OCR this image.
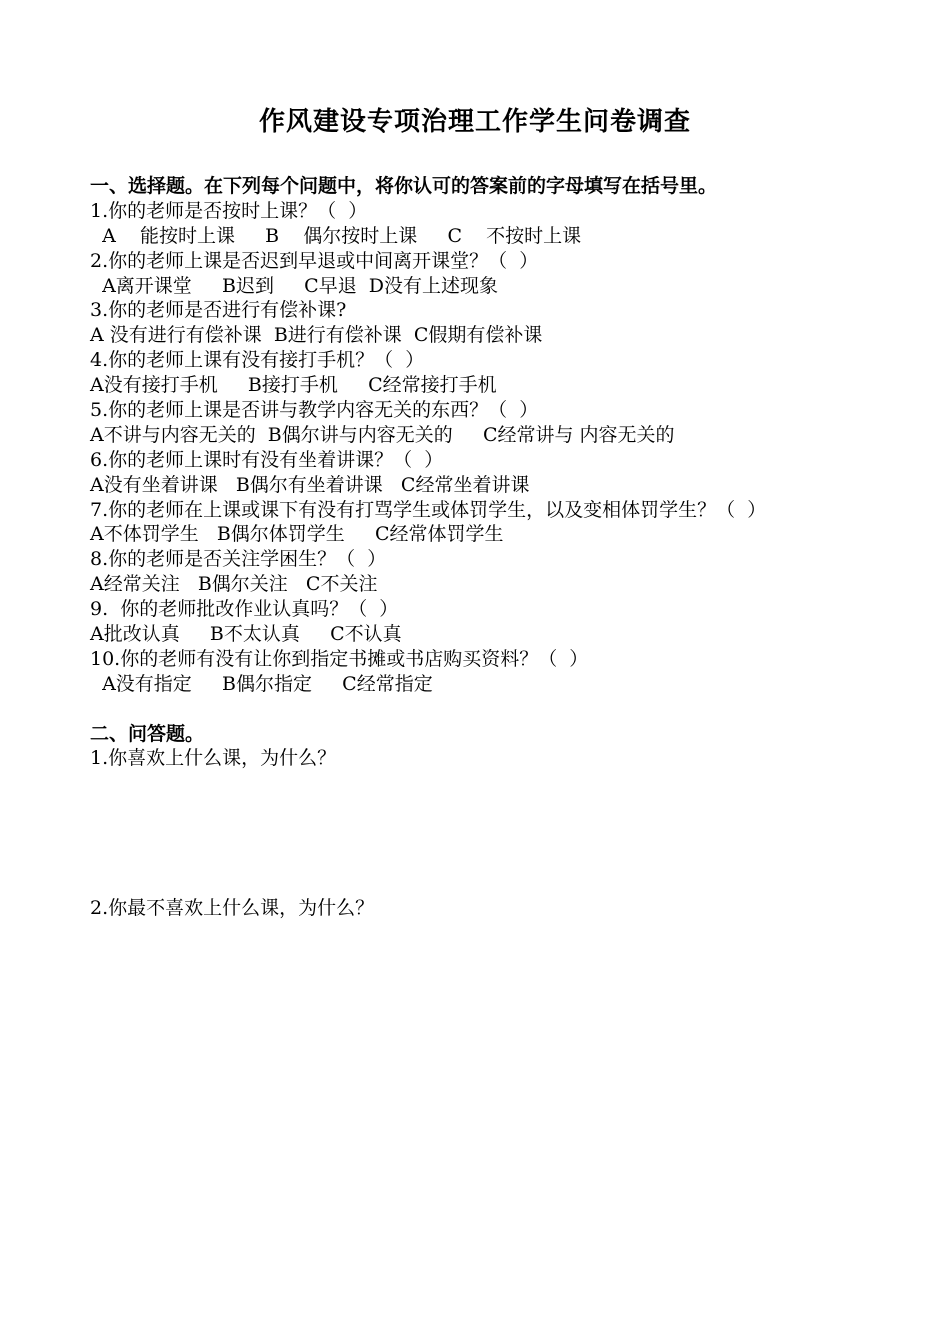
作风建设专项治理工作学生问卷调查
一、选择题。在下列每个问题中，将你认可的答案前的字母填写在括号里。
1.你的老师是否按时上课？（  ）
A    能按时上课     B    偶尔按时上课     C    不按时上课
2.你的老师上课是否迟到早退或中间离开课堂？（  ）
A离开课堂     B迟到     C早退  D没有上述现象
3.你的老师是否进行有偿补课?
A 没有进行有偿补课  B进行有偿补课  C假期有偿补课
4.你的老师上课有没有接打手机？（  ）
A没有接打手机     B接打手机     C经常接打手机
5.你的老师上课是否讲与教学内容无关的东西？（  ）
A不讲与内容无关的  B偶尔讲与内容无关的     C经常讲与 内容无关的
6.你的老师上课时有没有坐着讲课？（  ）
A没有坐着讲课   B偶尔有坐着讲课   C经常坐着讲课
7.你的老师在上课或课下有没有打骂学生或体罚学生，以及变相体罚学生？（  ）
A不体罚学生   B偶尔体罚学生     C经常体罚学生
8.你的老师是否关注学困生？（  ）
A经常关注   B偶尔关注   C不关注
9.  你的老师批改作业认真吗？（  ）
A批改认真     B不太认真     C不认真
10.你的老师有没有让你到指定书摊或书店购买资料？（  ）
A没有指定     B偶尔指定     C经常指定
二、问答题。
1.你喜欢上什么课，为什么？
2.你最不喜欢上什么课，为什么？
